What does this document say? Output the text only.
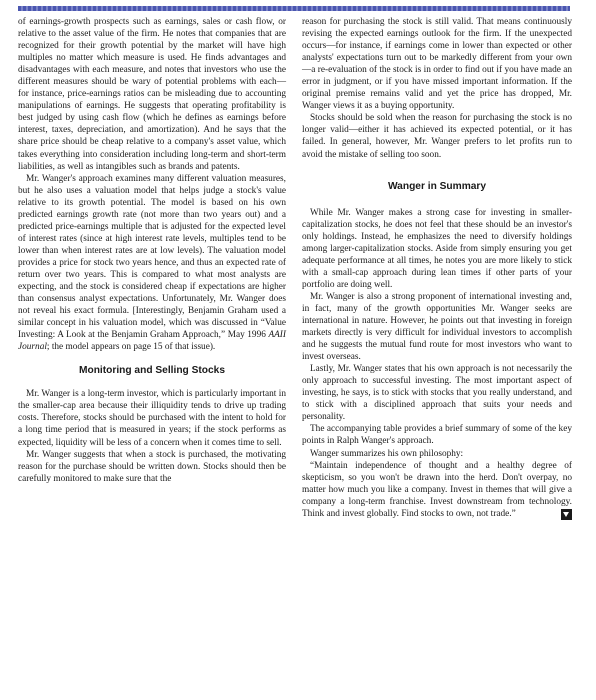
of earnings-growth prospects such as earnings, sales or cash flow, or relative to the asset value of the firm. He notes that companies that are recognized for their growth potential by the market will have high multiples no matter which measure is used. He finds advantages and disadvantages with each measure, and notes that investors who use the different measures should be wary of potential problems with each—for instance, price-earnings ratios can be misleading due to accounting manipulations of earnings. He suggests that operating profitability is best judged by using cash flow (which he defines as earnings before interest, taxes, depreciation, and amortization). And he says that the share price should be cheap relative to a company's asset value, which takes everything into consideration including long-term and short-term liabilities, as well as intangibles such as brands and patents.

Mr. Wanger's approach examines many different valuation measures, but he also uses a valuation model that helps judge a stock's value relative to its growth potential. The model is based on his own predicted earnings growth rate (not more than two years out) and a predicted price-earnings multiple that is adjusted for the expected level of interest rates (since at high interest rate levels, multiples tend to be lower than when interest rates are at low levels). The valuation model provides a price for stock two years hence, and thus an expected rate of return over two years. This is compared to what most analysts are expecting, and the stock is considered cheap if expectations are higher than consensus analyst expectations. Unfortunately, Mr. Wanger does not reveal his exact formula. [Interestingly, Benjamin Graham used a similar concept in his valuation model, which was discussed in “Value Investing: A Look at the Benjamin Graham Approach,” May 1996 AAII Journal; the model appears on page 15 of that issue).

Monitoring and Selling Stocks

Mr. Wanger is a long-term investor, which is particularly important in the smaller-cap area because their illiquidity tends to drive up trading costs. Therefore, stocks should be purchased with the intent to hold for a long time period that is measured in years; if the stock performs as expected, liquidity will be less of a concern when it comes time to sell.

Mr. Wanger suggests that when a stock is purchased, the motivating reason for the purchase should be written down. Stocks should then be carefully monitored to make sure that the

reason for purchasing the stock is still valid. That means continuously revising the expected earnings outlook for the firm. If the unexpected occurs—for instance, if earnings come in lower than expected or other analysts' expectations turn out to be markedly different from your own—a re-evaluation of the stock is in order to find out if you have made an error in judgment, or if you have missed important information. If the original premise remains valid and yet the price has dropped, Mr. Wanger views it as a buying opportunity.

Stocks should be sold when the reason for purchasing the stock is no longer valid—either it has achieved its expected potential, or it has failed. In general, however, Mr. Wanger prefers to let profits run to avoid the mistake of selling too soon.

Wanger in Summary

While Mr. Wanger makes a strong case for investing in smaller-capitalization stocks, he does not feel that these should be an investor's only holdings. Instead, he emphasizes the need to diversify holdings among larger-capitalization stocks. Aside from simply ensuring you get adequate performance at all times, he notes you are more likely to stick with a small-cap approach during lean times if other parts of your portfolio are doing well.

Mr. Wanger is also a strong proponent of international investing and, in fact, many of the growth opportunities Mr. Wanger seeks are international in nature. However, he points out that investing in foreign markets directly is very difficult for individual investors to accomplish and he suggests the mutual fund route for most investors who want to invest overseas.

Lastly, Mr. Wanger states that his own approach is not necessarily the only approach to successful investing. The most important aspect of investing, he says, is to stick with stocks that you really understand, and to stick with a disciplined approach that suits your needs and personality.

The accompanying table provides a brief summary of some of the key points in Ralph Wanger's approach.

Wanger summarizes his own philosophy:

“Maintain independence of thought and a healthy degree of skepticism, so you won't be drawn into the herd. Don't overpay, no matter how much you like a company. Invest in themes that will give a company a long-term franchise. Invest downstream from technology. Think and invest globally. Find stocks to own, not trade.”
